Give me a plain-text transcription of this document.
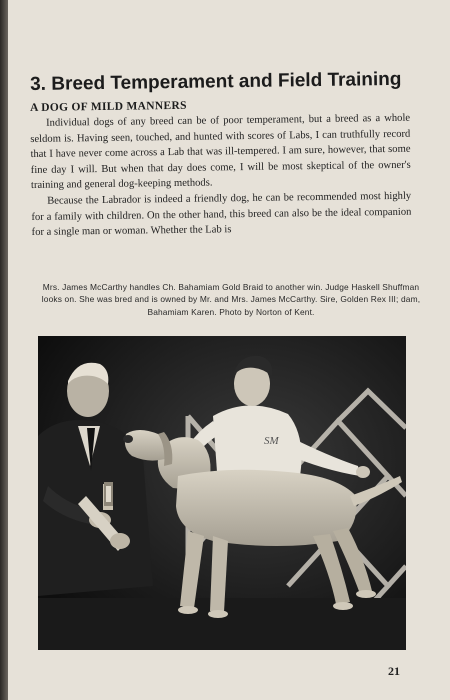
3. Breed Temperament and Field Training
A DOG OF MILD MANNERS

Individual dogs of any breed can be of poor temperament, but a breed as a whole seldom is. Having seen, touched, and hunted with scores of Labs, I can truthfully record that I have never come across a Lab that was ill-tempered. I am sure, however, that some fine day I will. But when that day does come, I will be most skeptical of the owner's training and general dog-keeping methods.

Because the Labrador is indeed a friendly dog, he can be recommended most highly for a family with children. On the other hand, this breed can also be the ideal companion for a single man or woman. Whether the Lab is

Mrs. James McCarthy handles Ch. Bahamiam Gold Braid to another win. Judge Haskell Shuffman looks on. She was bred and is owned by Mr. and Mrs. James McCarthy. Sire, Golden Rex III; dam, Bahamiam Karen. Photo by Norton of Kent.
SM
21
